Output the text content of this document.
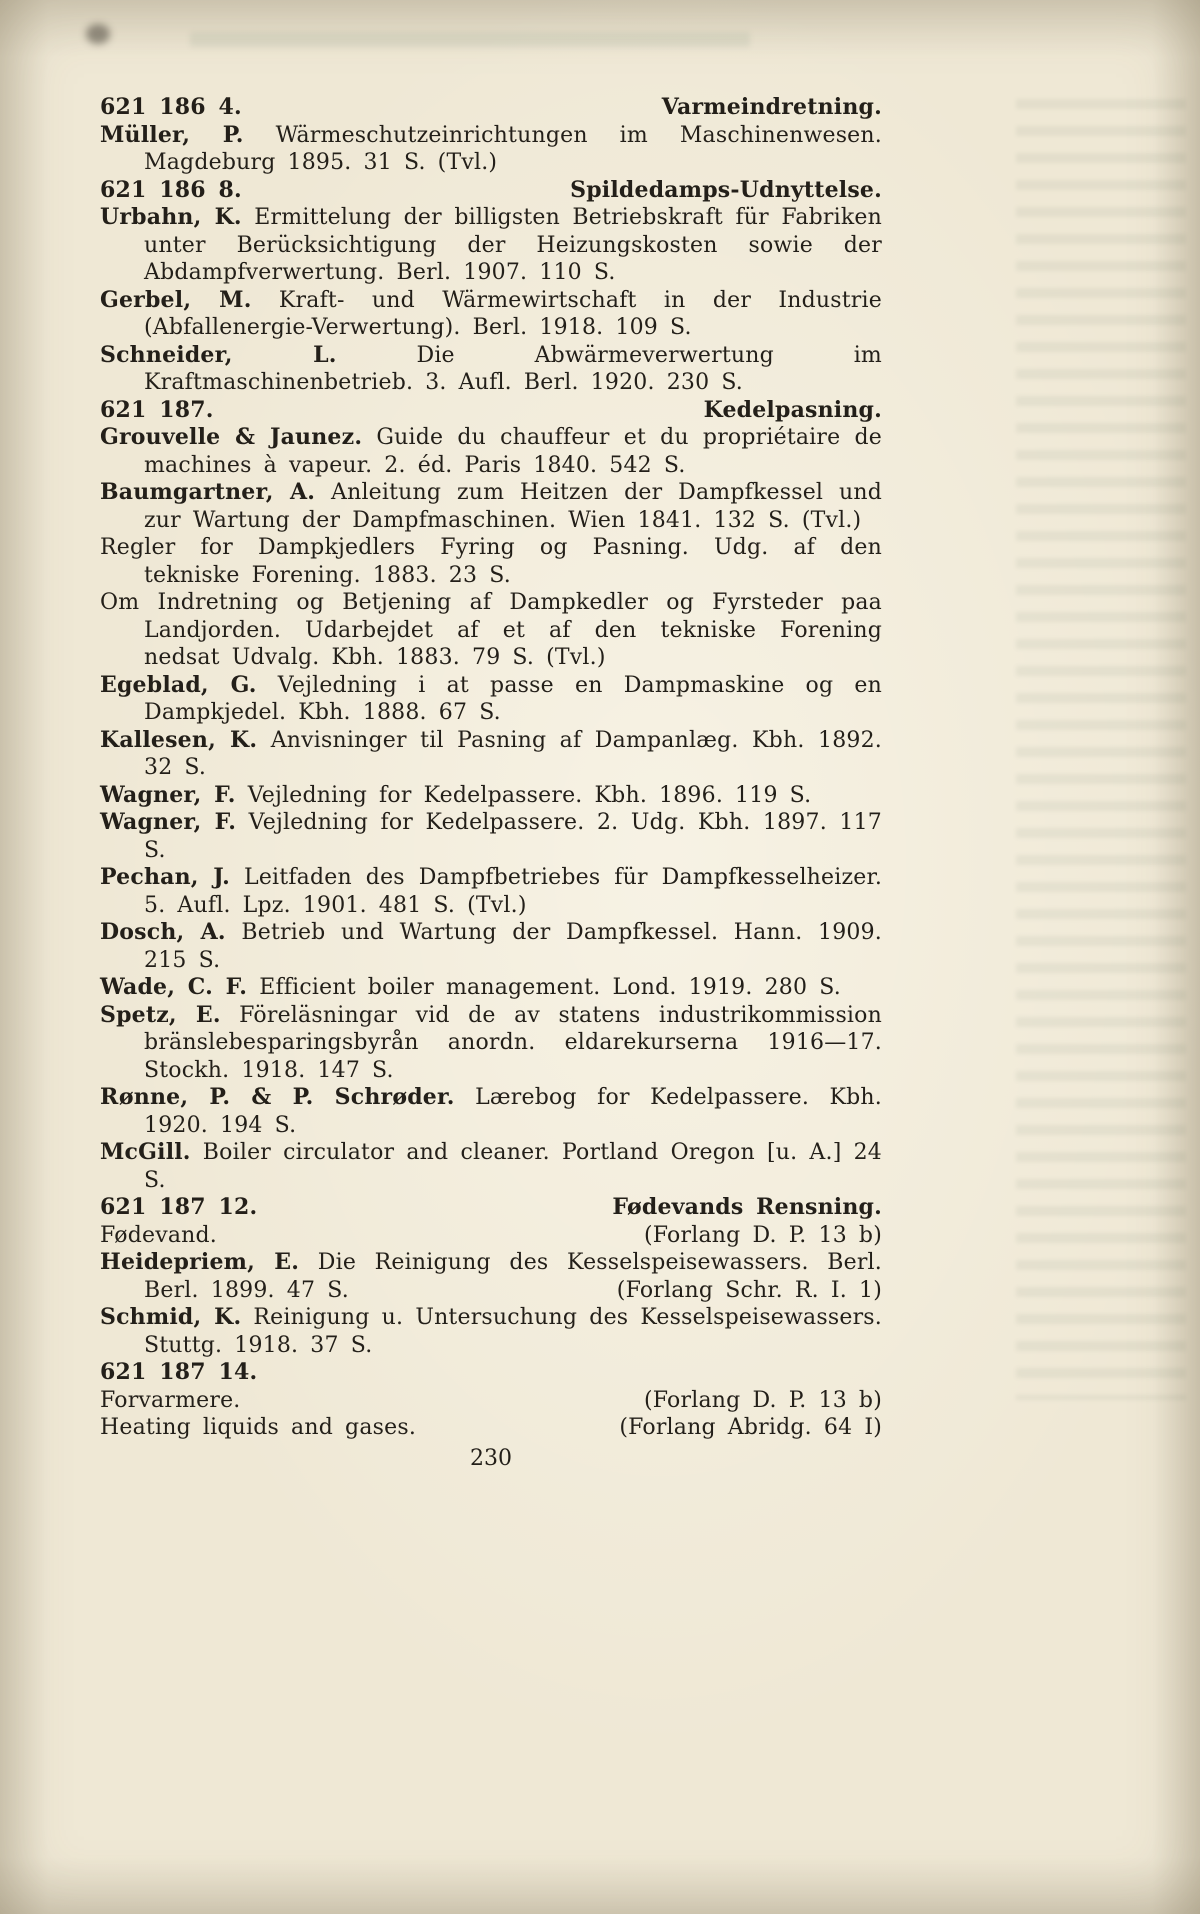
621 186 4.	Varmeindretning.

Müller, P. Wärmeschutzeinrichtungen im Maschinenwesen. Magdeburg 1895. 31 S. (Tvl.)

621 186 8.	Spildedamps-Udnyttelse.

Urbahn, K. Ermittelung der billigsten Betriebskraft für Fabriken unter Berücksichtigung der Heizungskosten sowie der Abdampfverwertung. Berl. 1907. 110 S.

Gerbel, M. Kraft- und Wärmewirtschaft in der Industrie (Abfallenergie-Verwertung). Berl. 1918. 109 S.

Schneider, L.	Die Abwärmeverwertung im Kraftmaschinenbetrieb. 3. Aufl. Berl. 1920. 230 S.

621 187.	Kedelpasning.

Grouvelle & Jaunez. Guide du chauffeur et du propriétaire de machines à vapeur. 2. éd. Paris 1840. 542 S.

Baumgartner, A. Anleitung zum Heitzen der Dampfkessel und zur Wartung der Dampfmaschinen. Wien 1841. 132 S. (Tvl.)

Regler for Dampkjedlers Fyring og Pasning. Udg. af den tekniske Forening. 1883. 23 S.

Om Indretning og Betjening af Dampkedler og Fyrsteder paa Landjorden. Udarbejdet af et af den tekniske Forening nedsat Udvalg. Kbh. 1883. 79 S. (Tvl.)

Egeblad, G. Vejledning i at passe en Dampmaskine og en Dampkjedel. Kbh. 1888. 67 S.

Kallesen, K. Anvisninger til Pasning af Dampanlæg. Kbh. 1892. 32 S.

Wagner, F. Vejledning for Kedelpassere. Kbh. 1896. 119 S.

Wagner, F. Vejledning for Kedelpassere. 2. Udg. Kbh. 1897. 117 S.

Pechan, J. Leitfaden des Dampfbetriebes für Dampfkesselheizer. 5. Aufl. Lpz. 1901. 481 S. (Tvl.)

Dosch, A. Betrieb und Wartung der Dampfkessel. Hann. 1909. 215 S.

Wade, C. F. Efficient boiler management. Lond. 1919. 280 S.

Spetz, E. Föreläsningar vid de av statens industrikommission bränslebesparingsbyrån anordn. eldarekurserna 1916—17. Stockh. 1918. 147 S.

Rønne, P. & P. Schrøder. Lærebog for Kedelpassere. Kbh. 1920. 194 S.

McGill. Boiler circulator and cleaner. Portland Oregon [u. A.] 24 S.

621 187 12.	Fødevands Rensning.

Fødevand.	(Forlang D. P. 13 b)

Heidepriem, E. Die Reinigung des Kesselspeisewassers. Berl. Berl. 1899. 47 S.	(Forlang Schr. R. I. 1)

Schmid, K. Reinigung u. Untersuchung des Kesselspeisewassers. Stuttg. 1918. 37 S.

621 187 14.

Forvarmere.	(Forlang D. P. 13 b)

Heating liquids and gases.	(Forlang Abridg. 64 I)

230
